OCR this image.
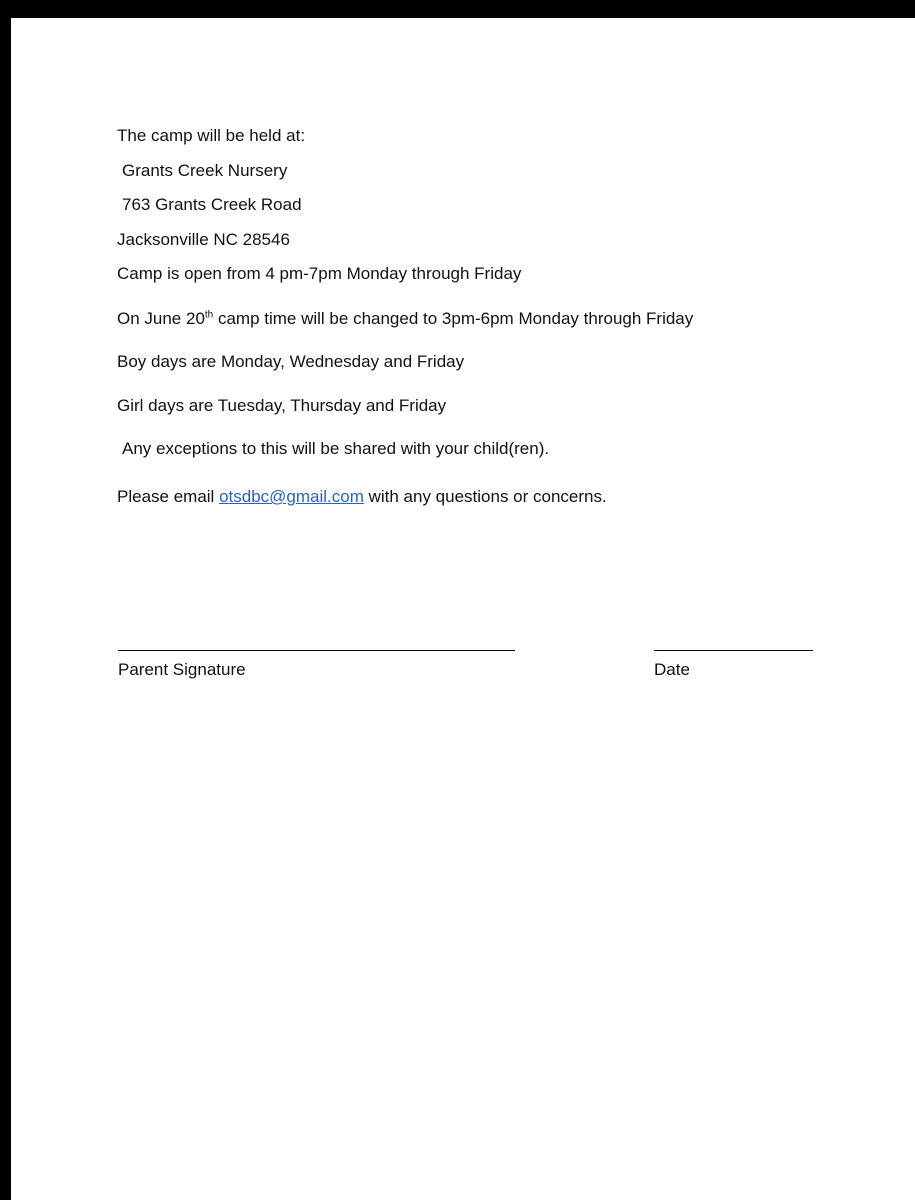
The camp will be held at:
Grants Creek Nursery
763 Grants Creek Road
Jacksonville NC 28546
Camp is open from 4 pm-7pm Monday through Friday
On June 20th camp time will be changed to 3pm-6pm Monday through Friday
Boy days are Monday, Wednesday and Friday
Girl days are Tuesday, Thursday and Friday
Any exceptions to this will be shared with your child(ren).
Please email otsdbc@gmail.com with any questions or concerns.
Parent Signature	Date
